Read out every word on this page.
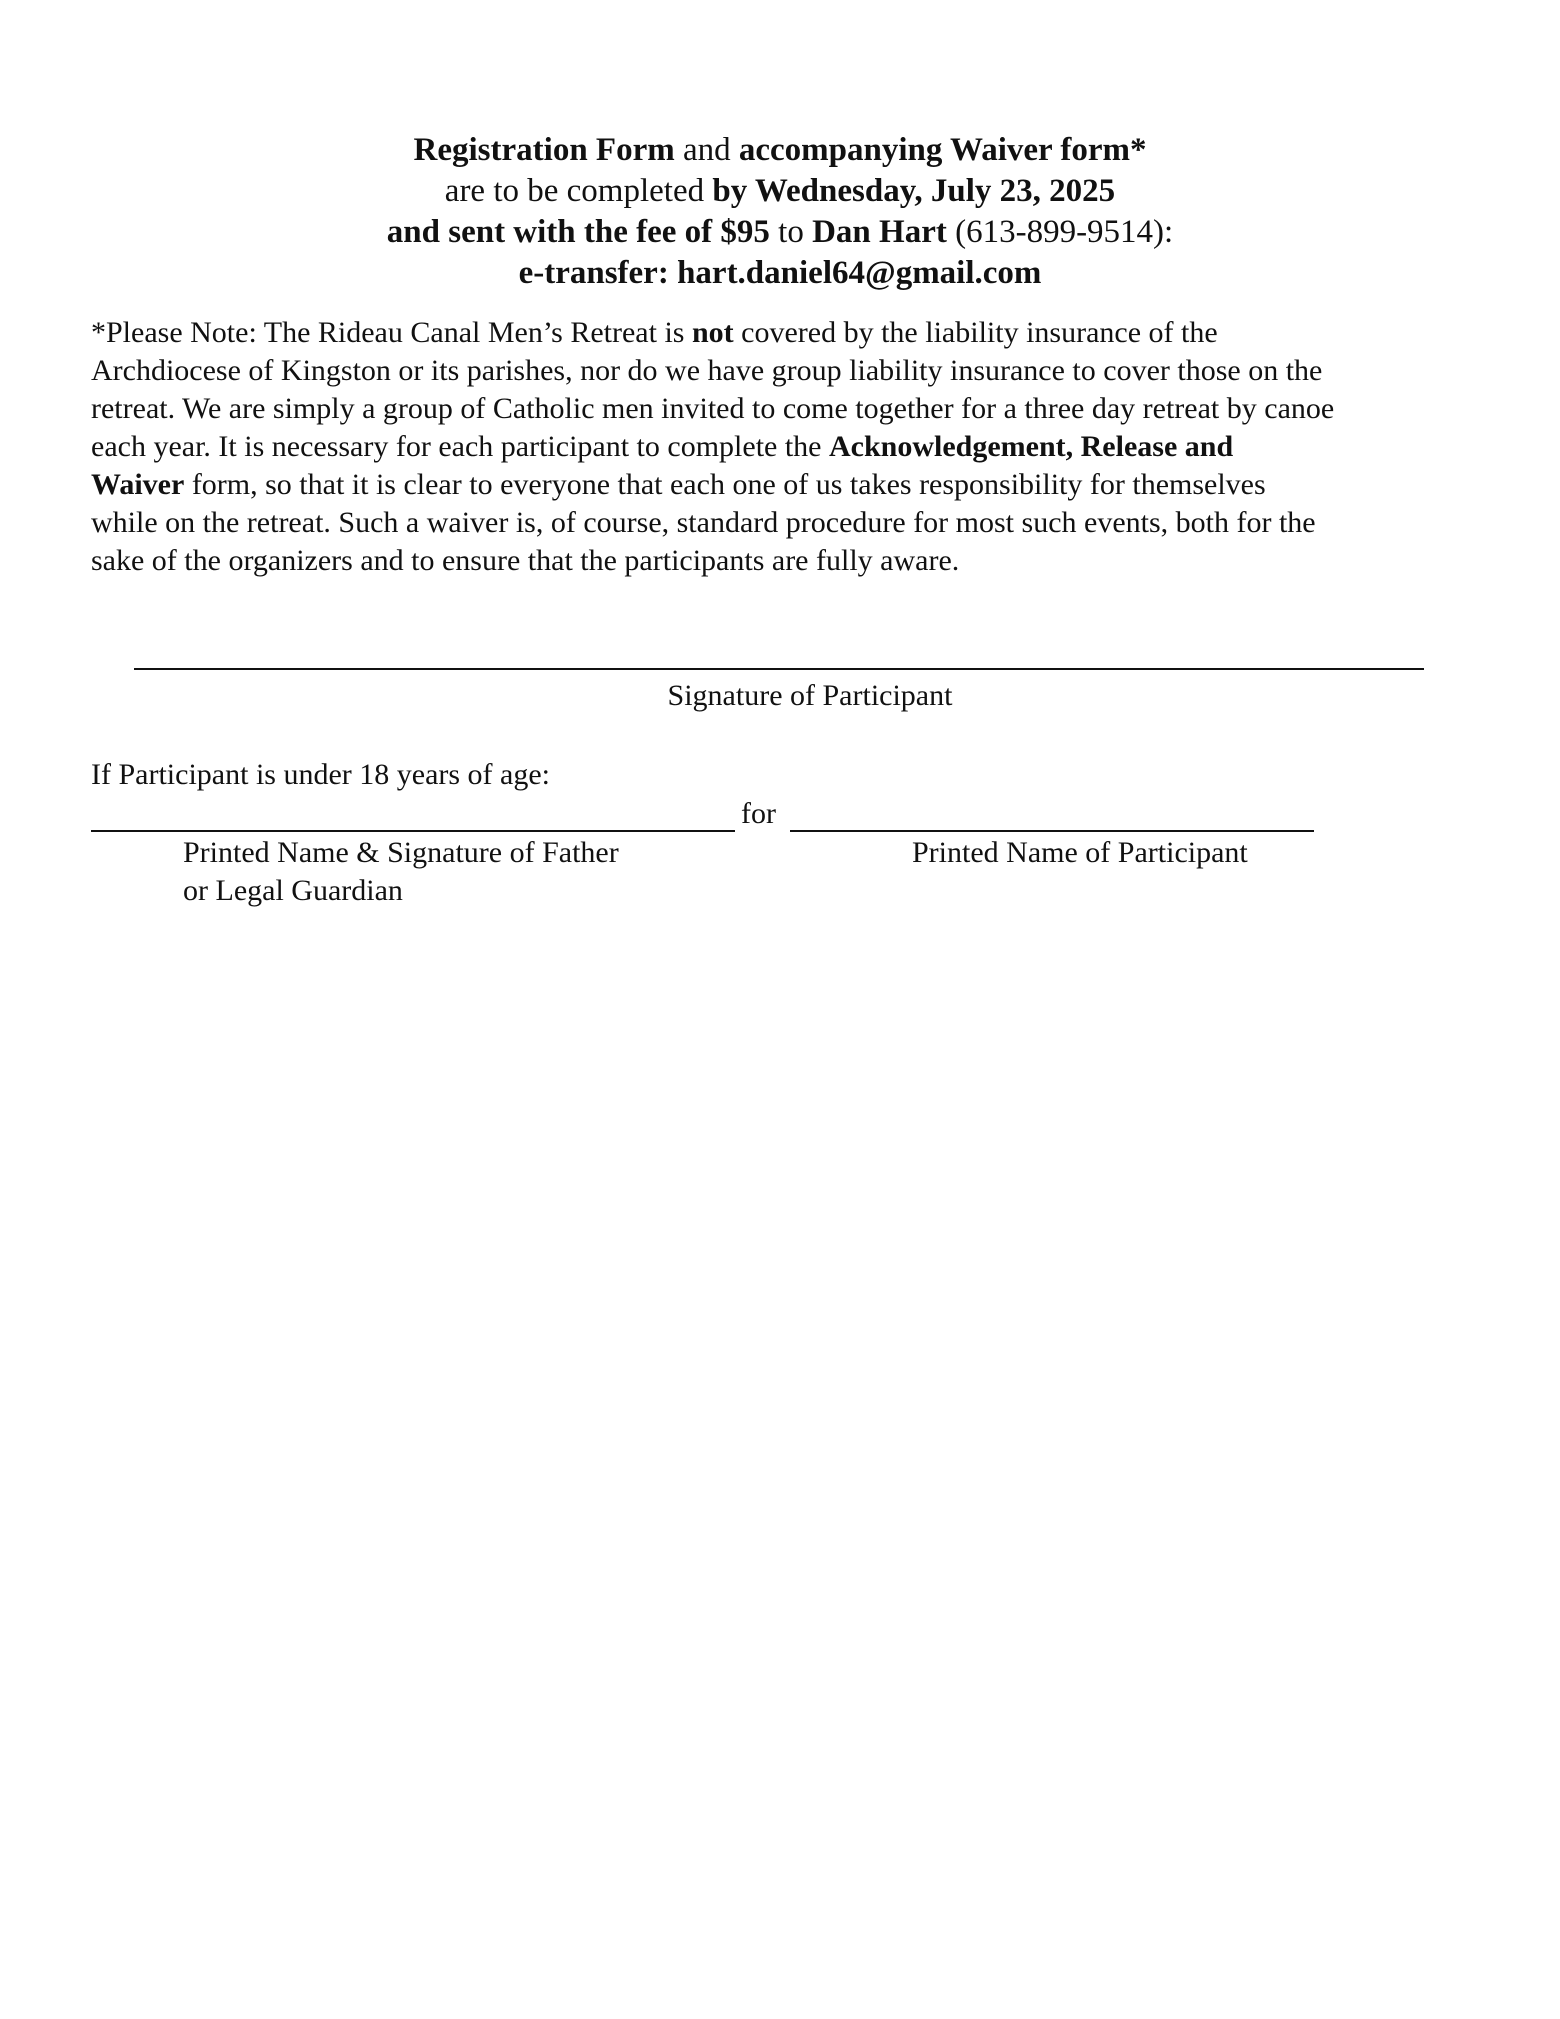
Registration Form and accompanying Waiver form*
are to be completed by Wednesday, July 23, 2025
and sent with the fee of $95 to Dan Hart (613-899-9514):
e-transfer: hart.daniel64@gmail.com
*Please Note: The Rideau Canal Men’s Retreat is not covered by the liability insurance of the
Archdiocese of Kingston or its parishes, nor do we have group liability insurance to cover those on the
retreat. We are simply a group of Catholic men invited to come together for a three day retreat by canoe
each year. It is necessary for each participant to complete the Acknowledgement, Release and
Waiver form, so that it is clear to everyone that each one of us takes responsibility for themselves
while on the retreat. Such a waiver is, of course, standard procedure for most such events, both for the
sake of the organizers and to ensure that the participants are fully aware.
Signature of Participant
If Participant is under 18 years of age:
for
Printed Name & Signature of Father
or Legal Guardian
Printed Name of Participant
